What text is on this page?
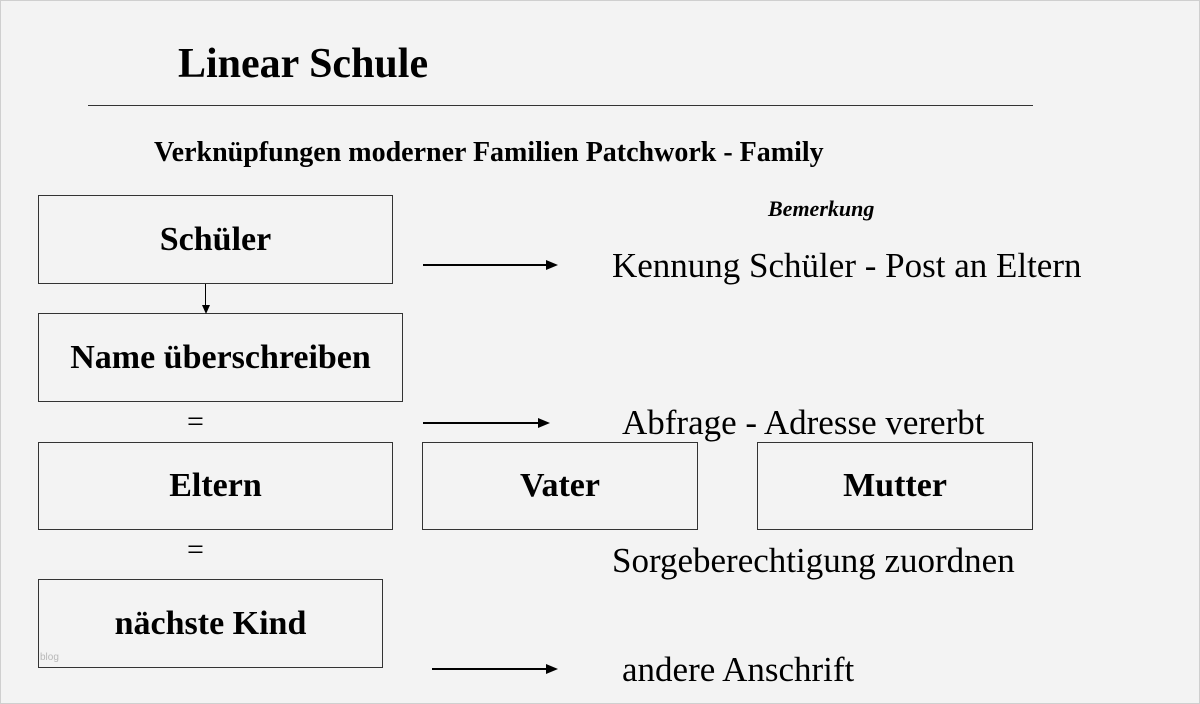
Linear Schule
Verknüpfungen moderner Familien Patchwork - Family
Bemerkung
Schüler
Name überschreiben
Eltern	Vater	Mutter
nächste Kind
=
=
Kennung Schüler - Post an Eltern
Abfrage - Adresse vererbt
Sorgeberechtigung zuordnen
andere Anschrift
blog
